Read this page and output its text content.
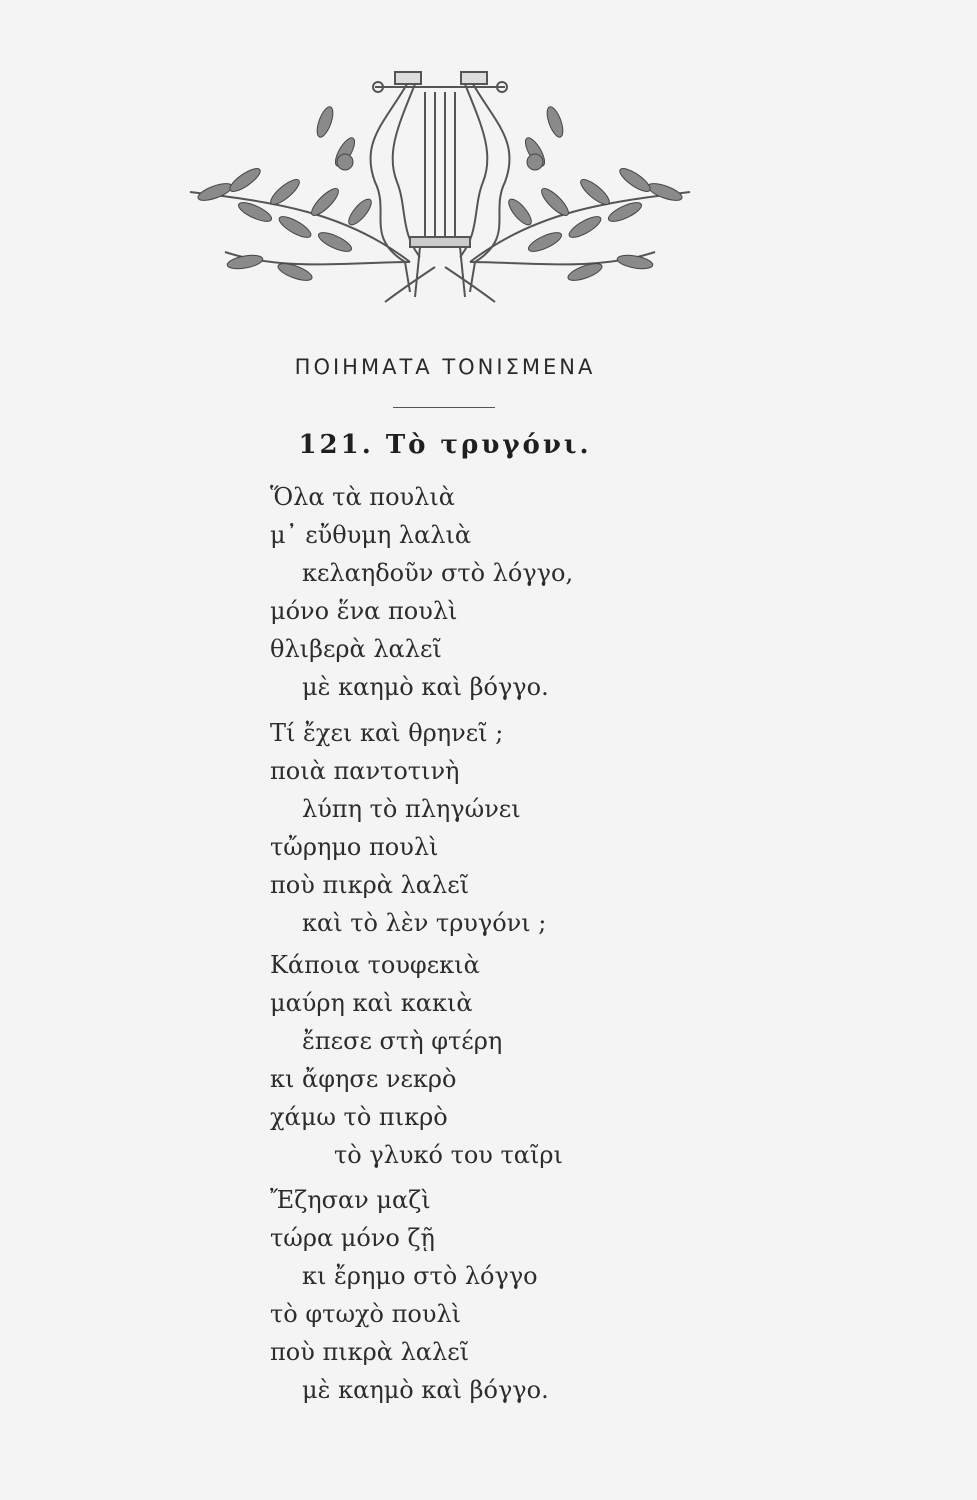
ΠΟΙΗΜΑΤΑ ΤΟΝΙΣΜΕΝΑ
121. Τὸ τρυγόνι.
Ὅλα τὰ πουλιὰ
μ᾽ εὔθυμη λαλιὰ
κελαηδοῦν στὸ λόγγο,
μόνο ἕνα πουλὶ
θλιβερὰ λαλεῖ
μὲ καημὸ καὶ βόγγο.
Τί ἔχει καὶ θρηνεῖ ;
ποιὰ παντοτινὴ
λύπη τὸ πληγώνει
τὤρημο πουλὶ
ποὺ πικρὰ λαλεῖ
καὶ τὸ λὲν τρυγόνι ;
Κάποια τουφεκιὰ
μαύρη καὶ κακιὰ
ἔπεσε στὴ φτέρη
κι ἄφησε νεκρὸ
χάμω τὸ πικρὸ
τὸ γλυκό του ταῖρι
Ἔζησαν μαζὶ
τώρα μόνο ζῇ
κι ἔρημο στὸ λόγγο
τὸ φτωχὸ πουλὶ
ποὺ πικρὰ λαλεῖ
μὲ καημὸ καὶ βόγγο.
